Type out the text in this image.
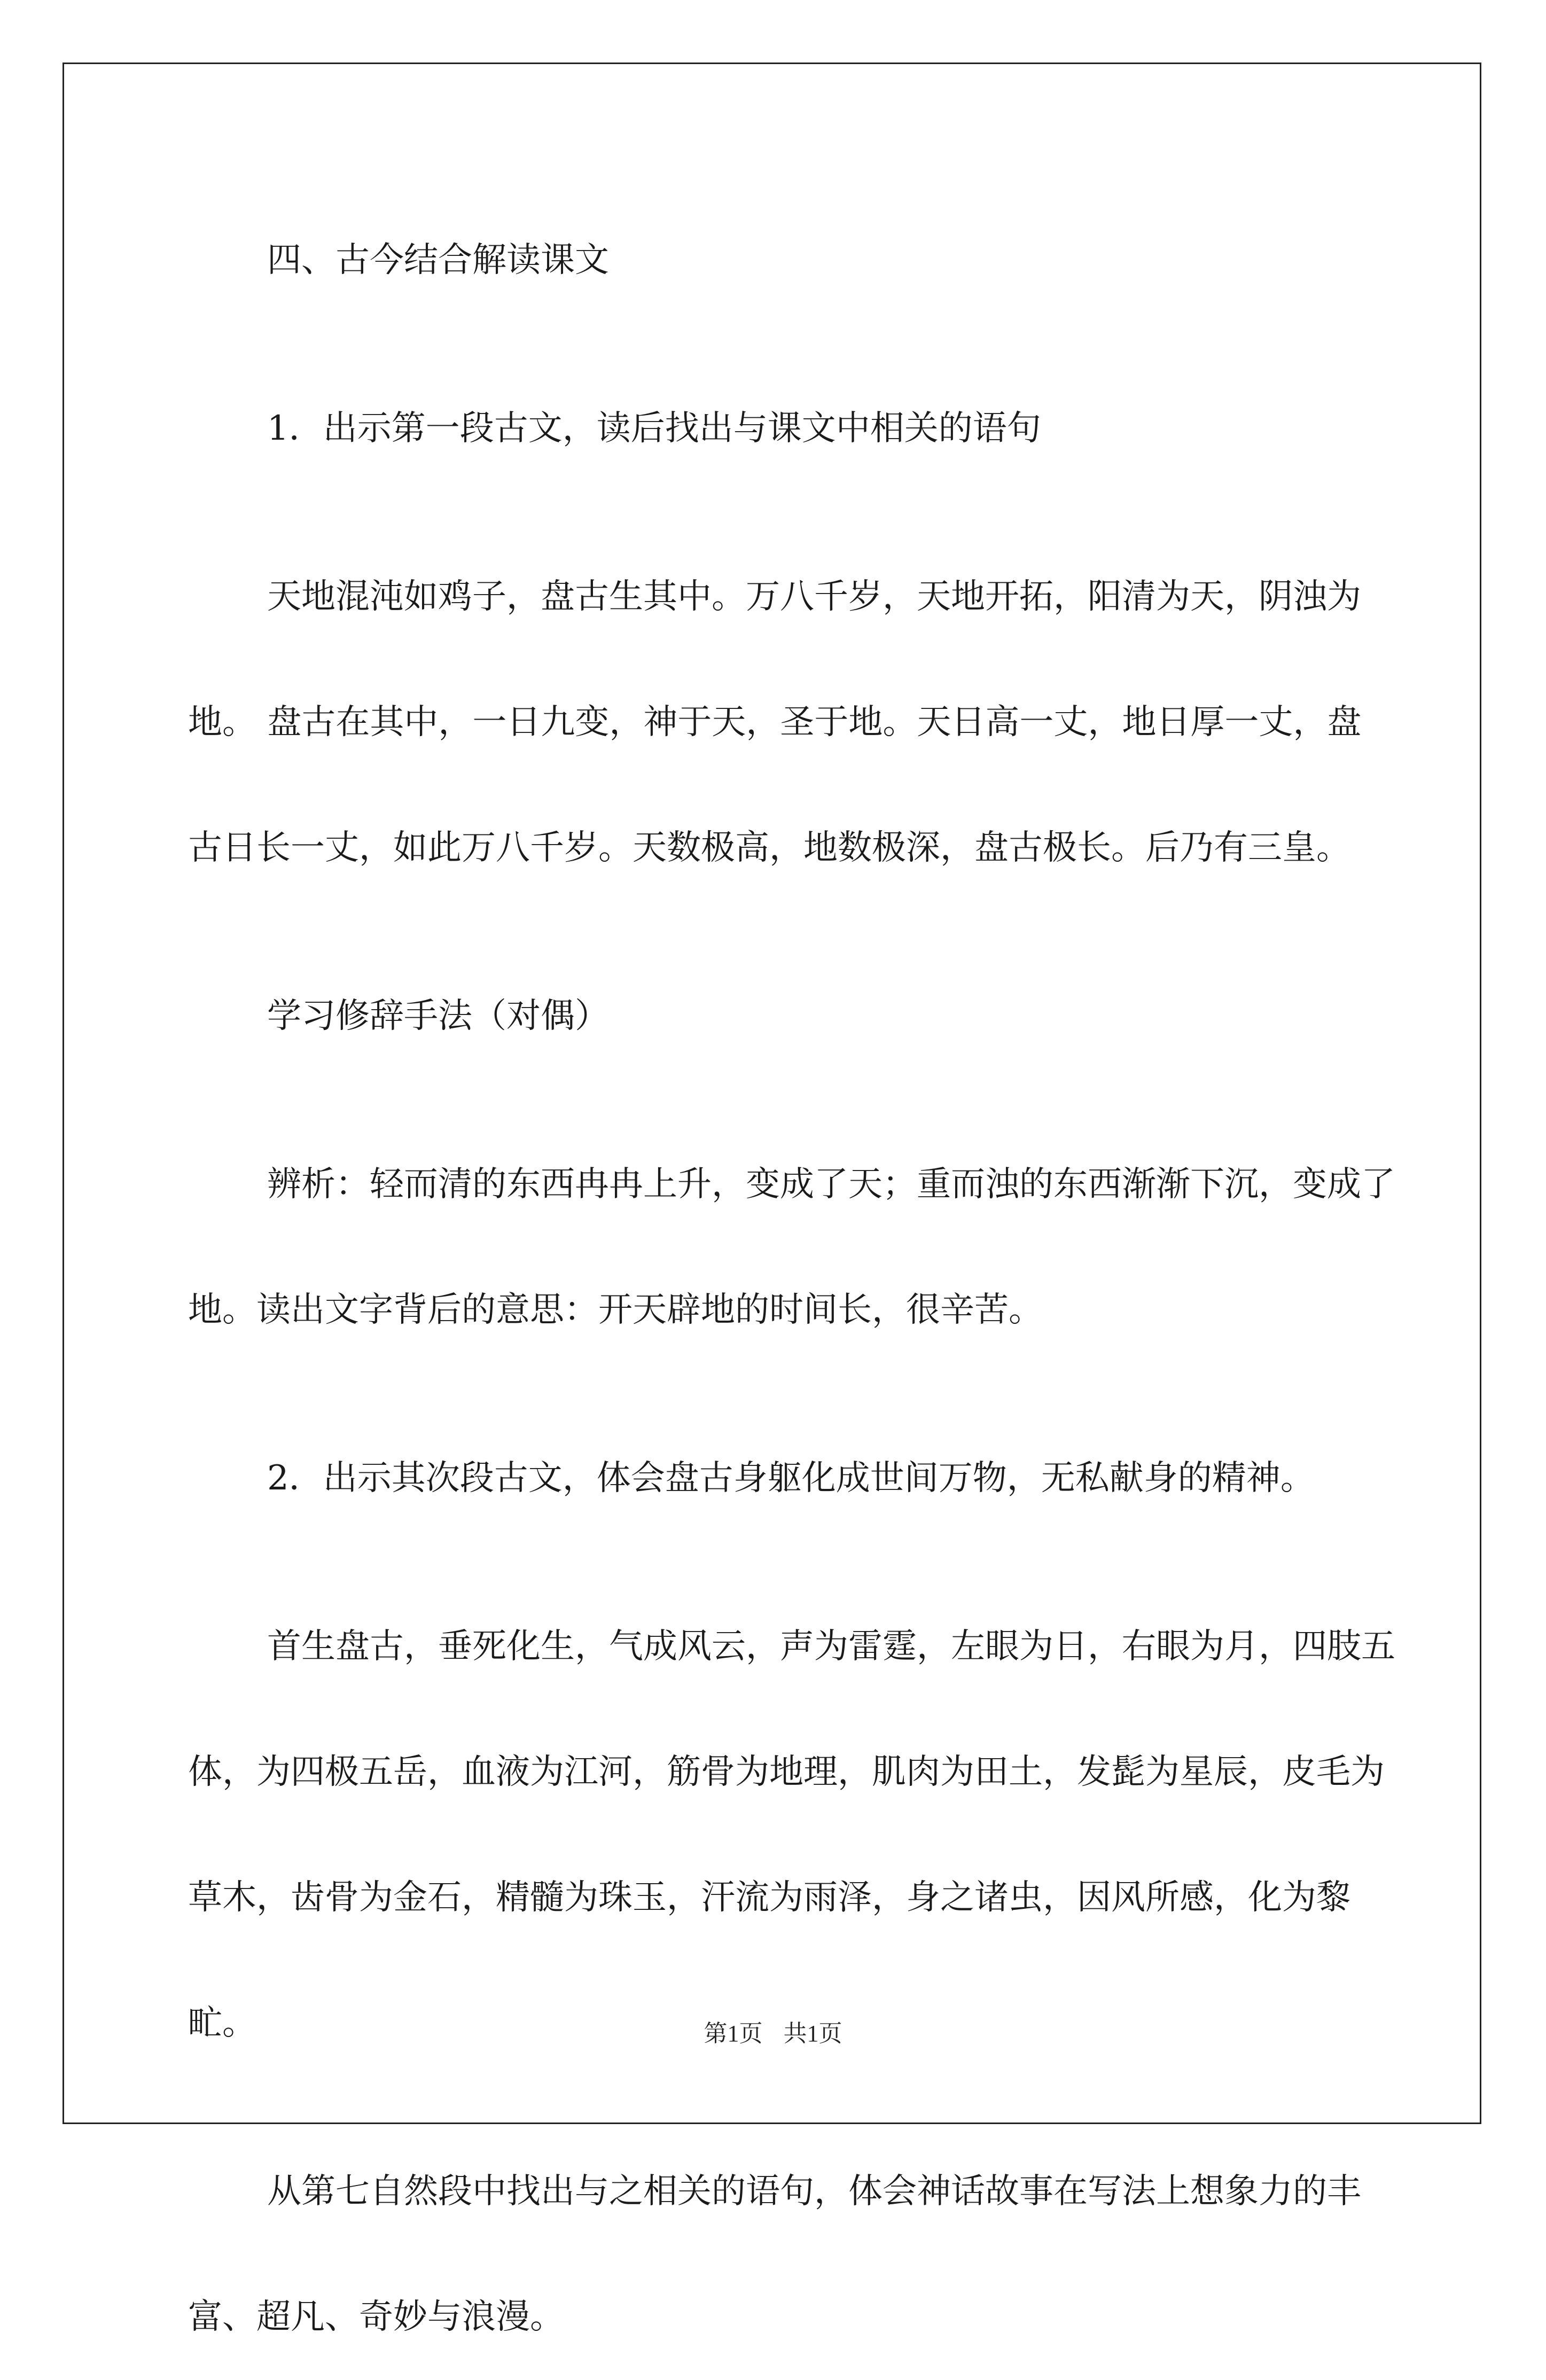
四、古今结合解读课文

1．出示第一段古文，读后找出与课文中相关的语句

天地混沌如鸡子，盘古生其中。万八千岁，天地开拓，阳清为天，阴浊为地。 盘古在其中，一日九变，神于天，圣于地。天日高一丈，地日厚一丈，盘古日长一丈，如此万八千岁。天数极高，地数极深，盘古极长。后乃有三皇。

学习修辞手法（对偶）

辨析：轻而清的东西冉冉上升，变成了天；重而浊的东西渐渐下沉，变成了地。读出文字背后的意思：开天辟地的时间长，很辛苦。

2．出示其次段古文，体会盘古身躯化成世间万物，无私献身的精神。

首生盘古，垂死化生，气成风云，声为雷霆，左眼为日，右眼为月，四肢五体，为四极五岳，血液为江河，筋骨为地理，肌肉为田土，发髭为星辰，皮毛为草木，齿骨为金石，精髓为珠玉，汗流为雨泽，身之诸虫，因风所感，化为黎甿。

从第七自然段中找出与之相关的语句，体会神话故事在写法上想象力的丰富、超凡、奇妙与浪漫。

第1页 共1页
